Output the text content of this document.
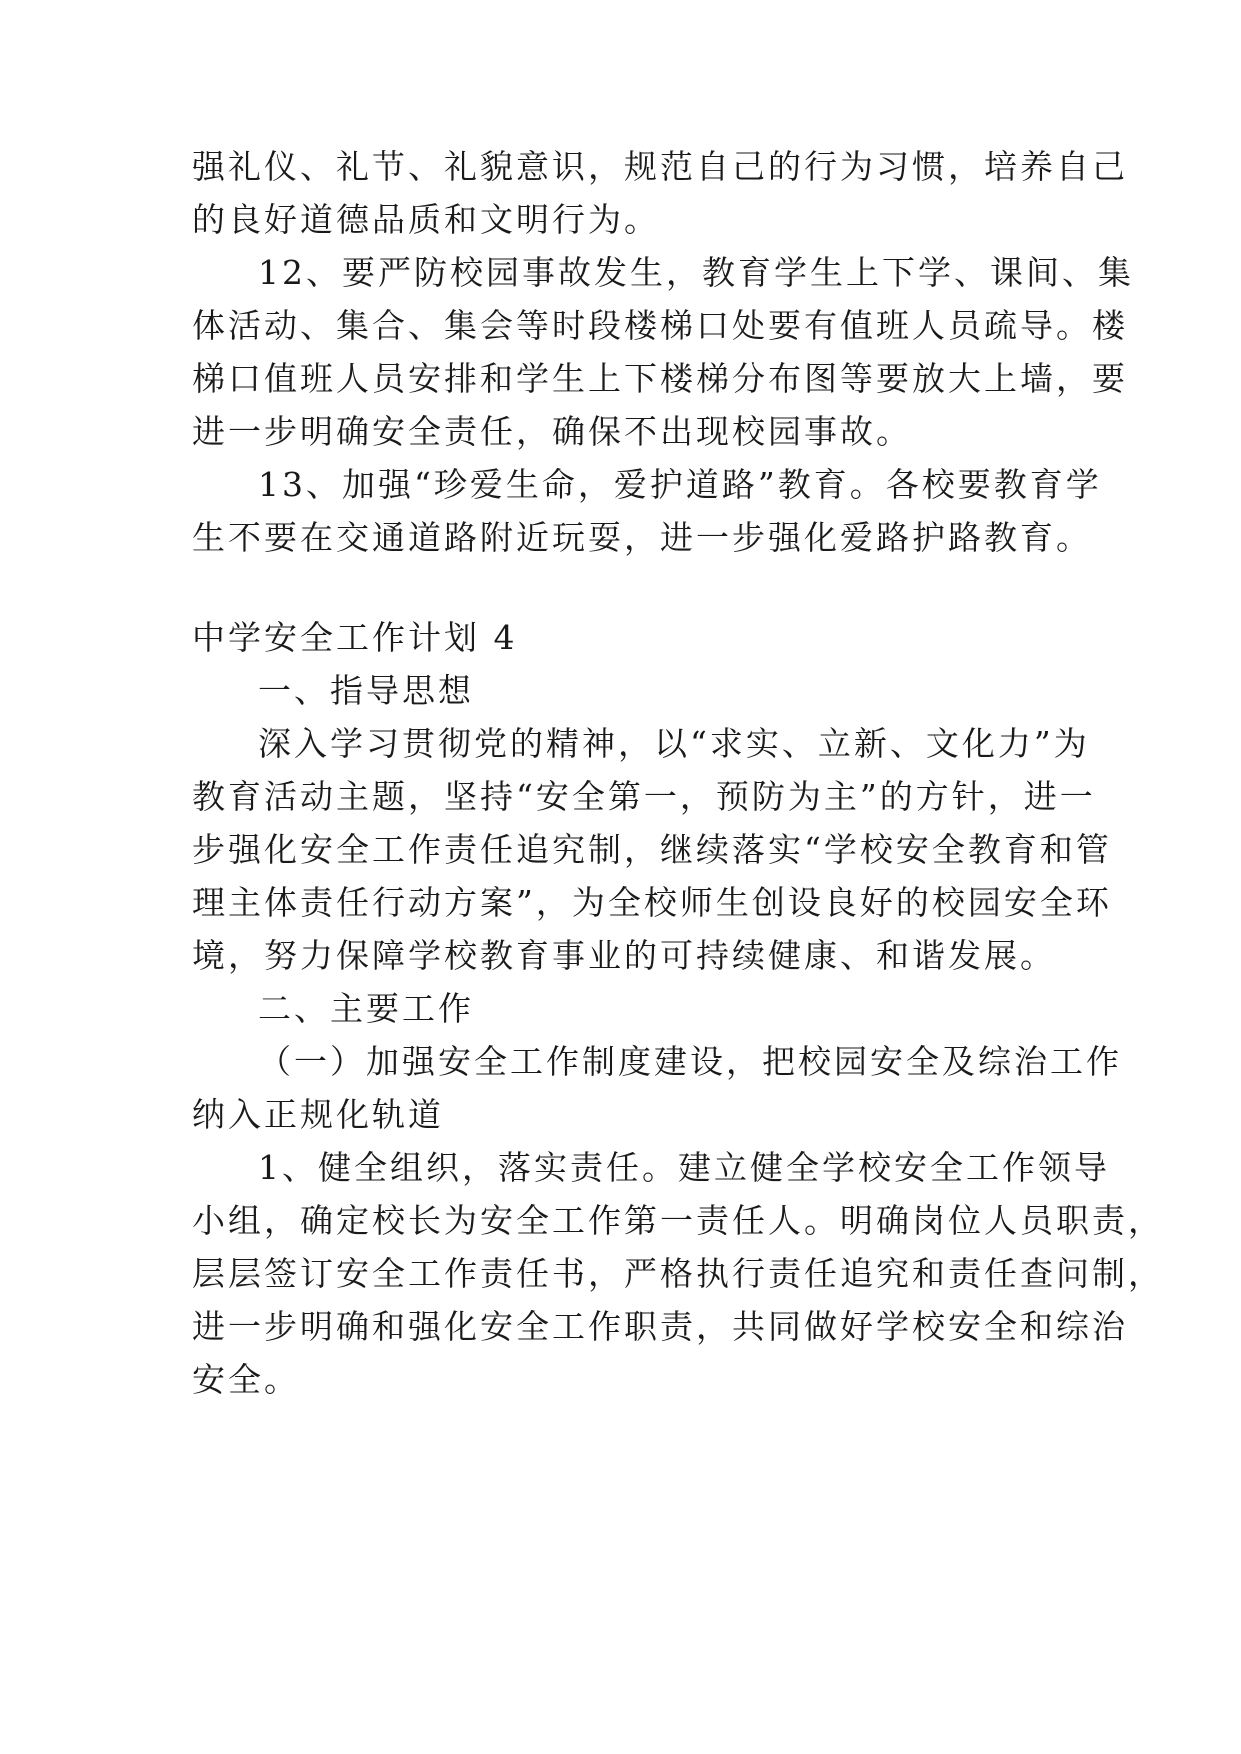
强礼仪、礼节、礼貌意识，规范自己的行为习惯，培养自己
的良好道德品质和文明行为。
12、要严防校园事故发生，教育学生上下学、课间、集
体活动、集合、集会等时段楼梯口处要有值班人员疏导。楼
梯口值班人员安排和学生上下楼梯分布图等要放大上墙，要
进一步明确安全责任，确保不出现校园事故。
13、加强“珍爱生命，爱护道路”教育。各校要教育学
生不要在交通道路附近玩耍，进一步强化爱路护路教育。
中学安全工作计划 4
一、指导思想
深入学习贯彻党的精神，以“求实、立新、文化力”为
教育活动主题，坚持“安全第一，预防为主”的方针，进一
步强化安全工作责任追究制，继续落实“学校安全教育和管
理主体责任行动方案”，为全校师生创设良好的校园安全环
境，努力保障学校教育事业的可持续健康、和谐发展。
二、主要工作
（一）加强安全工作制度建设，把校园安全及综治工作
纳入正规化轨道
1、健全组织，落实责任。建立健全学校安全工作领导
小组，确定校长为安全工作第一责任人。明确岗位人员职责，
层层签订安全工作责任书，严格执行责任追究和责任查问制，
进一步明确和强化安全工作职责，共同做好学校安全和综治
安全。
